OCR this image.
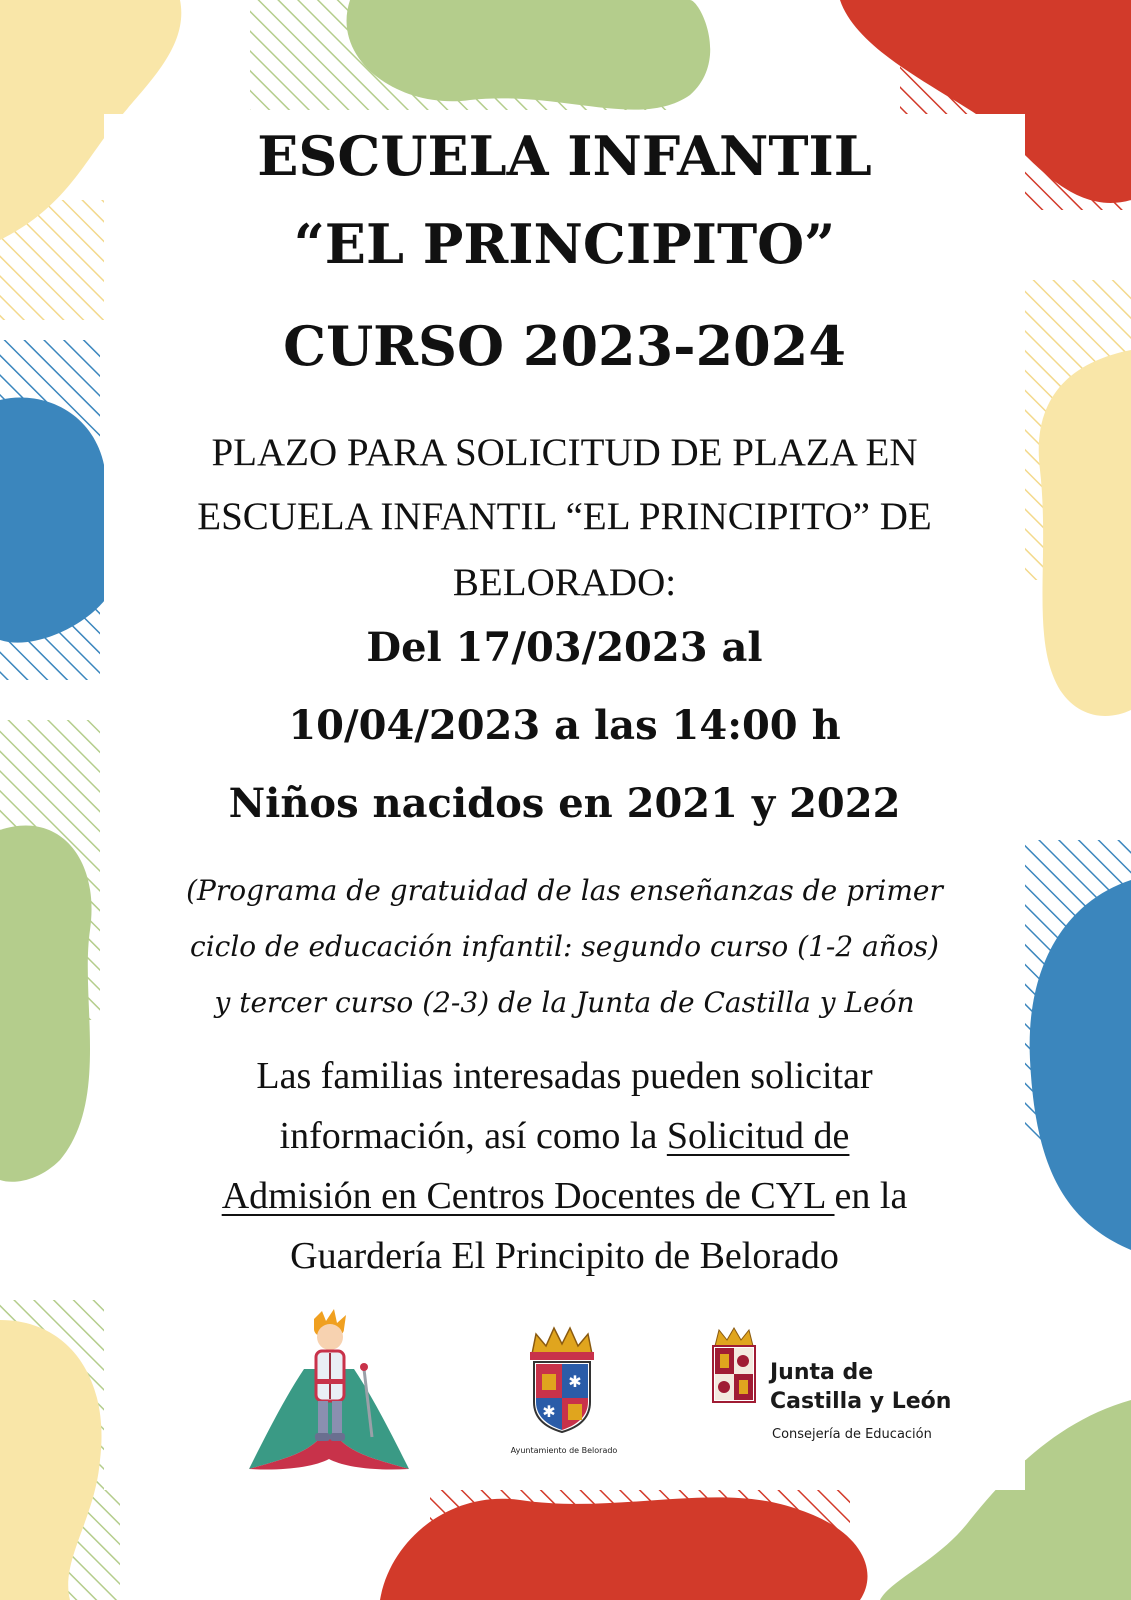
ESCUELA INFANTIL
“EL PRINCIPITO”
CURSO 2023-2024
PLAZO PARA SOLICITUD DE PLAZA EN
ESCUELA INFANTIL “EL PRINCIPITO” DE
BELORADO:
Del 17/03/2023 al
10/04/2023 a las 14:00 h
Niños nacidos en 2021 y 2022
(Programa de gratuidad de las enseñanzas de primer
ciclo de educación infantil: segundo curso (1-2 años)
y tercer curso (2-3) de la Junta de Castilla y León
Las familias interesadas pueden solicitar
información, así como la Solicitud de
Admisión en Centros Docentes de CYL en la
Guardería El Principito de Belorado
✱
✱
Ayuntamiento de Belorado
Junta de
Castilla y León
Consejería de Educación
